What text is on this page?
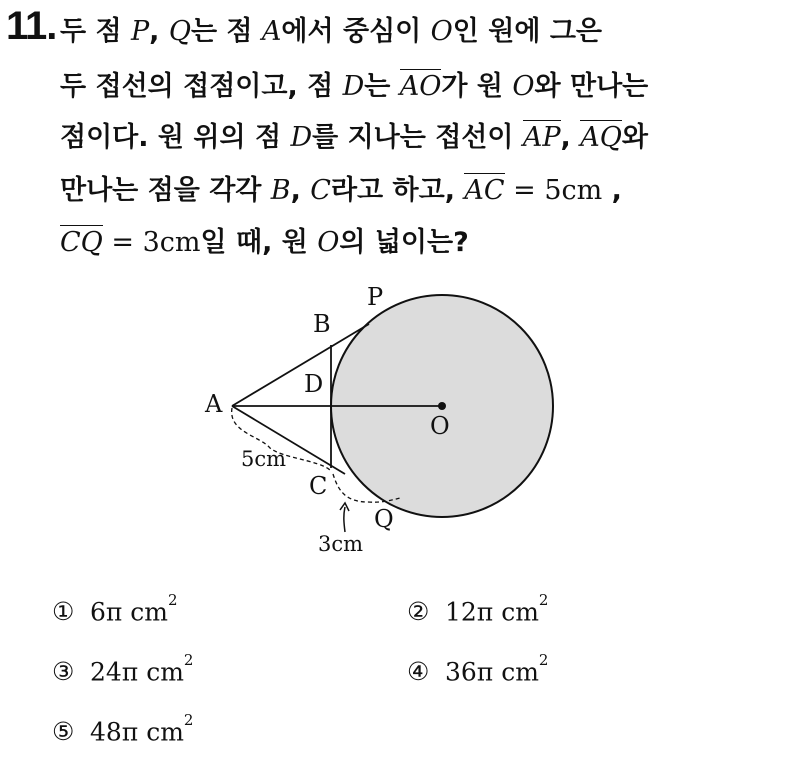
11. 두 점 P, Q는 점 A에서 중심이 O인 원에 그은
두 접선의 접점이고, 점 D는 AO가 원 O와 만나는
점이다. 원 위의 점 D를 지나는 접선이 AP, AQ와
만나는 점을 각각 B, C라고 하고, AC = 5cm ,
CQ = 3cm일 때, 원 O의 넓이는?
P
B
D
A
O
C
Q
5cm
3cm
① 6π $cm^2$	② 12π $cm^2$
③ 24π $cm^2$	④ 36π $cm^2$
⑤ 48π $cm^2$
